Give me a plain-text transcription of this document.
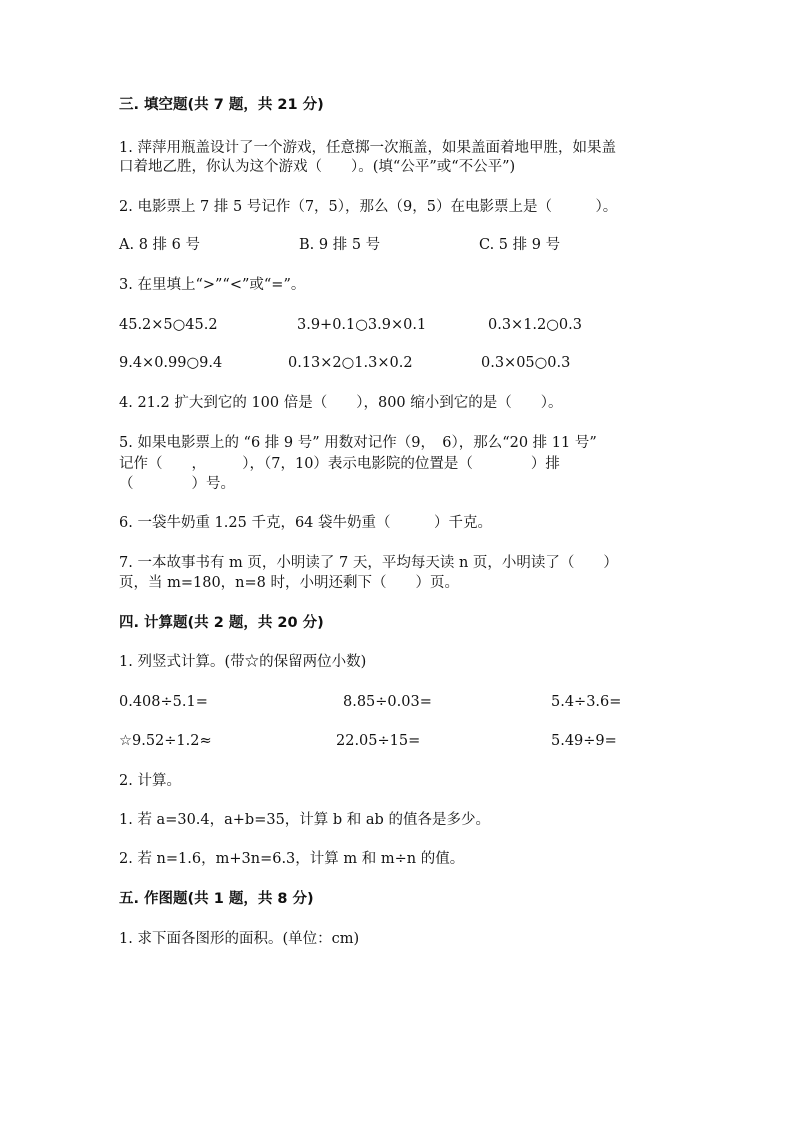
三. 填空题(共 7 题，共 21 分)
1. 萍萍用瓶盖设计了一个游戏，任意掷一次瓶盖，如果盖面着地甲胜，如果盖
口着地乙胜，你认为这个游戏（　　）。(填“公平”或“不公平”)
2. 电影票上 7 排 5 号记作（7，5），那么（9，5）在电影票上是（　　　）。
A. 8 排 6 号	B. 9 排 5 号	C. 5 排 9 号
3. 在里填上“>”“<”或“=”。
45.2×5○45.2	3.9+0.1○3.9×0.1	0.3×1.2○0.3
9.4×0.99○9.4	0.13×2○1.3×0.2	0.3×05○0.3
4. 21.2 扩大到它的 100 倍是（　　），800 缩小到它的是（　　）。
5. 如果电影票上的 “6 排 9 号” 用数对记作（9，　6），那么“20 排 11 号”
记作（　　，　　　），（7，10）表示电影院的位置是（　　　　）排
（　　　　）号。
6. 一袋牛奶重 1.25 千克，64 袋牛奶重（　　　）千克。
7. 一本故事书有 m 页，小明读了 7 天，平均每天读 n 页，小明读了（　　）
页，当 m=180，n=8 时，小明还剩下（　　）页。
四. 计算题(共 2 题，共 20 分)
1. 列竖式计算。(带☆的保留两位小数)
0.408÷5.1=	8.85÷0.03=	5.4÷3.6=
☆9.52÷1.2≈	22.05÷15=	5.49÷9=
2. 计算。
1. 若 a=30.4，a+b=35，计算 b 和 ab 的值各是多少。
2. 若 n=1.6，m+3n=6.3，计算 m 和 m÷n 的值。
五. 作图题(共 1 题，共 8 分)
1. 求下面各图形的面积。(单位：cm)
